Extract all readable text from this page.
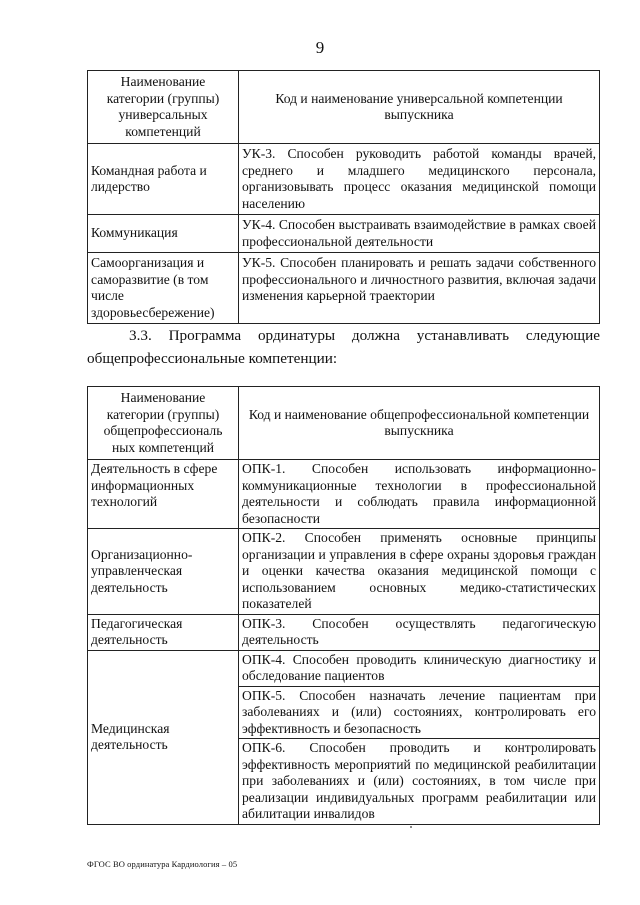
9
Наименование категории (группы) универсальных компетенций	Код и наименование универсальной компетенции выпускника
Командная работа и лидерство	УК-3. Способен руководить работой команды врачей, среднего и младшего медицинского персонала, организовывать процесс оказания медицинской помощи населению
Коммуникация	УК-4. Способен выстраивать взаимодействие в рамках своей профессиональной деятельности
Самоорганизация и саморазвитие (в том числе здоровьесбережение)	УК-5. Способен планировать и решать задачи собственного профессионального и личностного развития, включая задачи изменения карьерной траектории
3.3. Программа ординатуры должна устанавливать следующие общепрофессиональные компетенции:
Наименование категории (группы) общепрофессиональ ных компетенций	Код и наименование общепрофессиональной компетенции выпускника
Деятельность в сфере информационных технологий	ОПК-1. Способен использовать информационно-коммуникационные технологии в профессиональной деятельности и соблюдать правила информационной безопасности
Организационно-управленческая деятельность	ОПК-2. Способен применять основные принципы организации и управления в сфере охраны здоровья граждан и оценки качества оказания медицинской помощи с использованием основных медико-статистических показателей
Педагогическая деятельность	ОПК-3. Способен осуществлять педагогическую деятельность
Медицинская деятельность	ОПК-4. Способен проводить клиническую диагностику и обследование пациентов
	ОПК-5. Способен назначать лечение пациентам при заболеваниях и (или) состояниях, контролировать его эффективность и безопасность
	ОПК-6. Способен проводить и контролировать эффективность мероприятий по медицинской реабилитации при заболеваниях и (или) состояниях, в том числе при реализации индивидуальных программ реабилитации или абилитации инвалидов
ФГОС ВО ординатура Кардиология – 05
